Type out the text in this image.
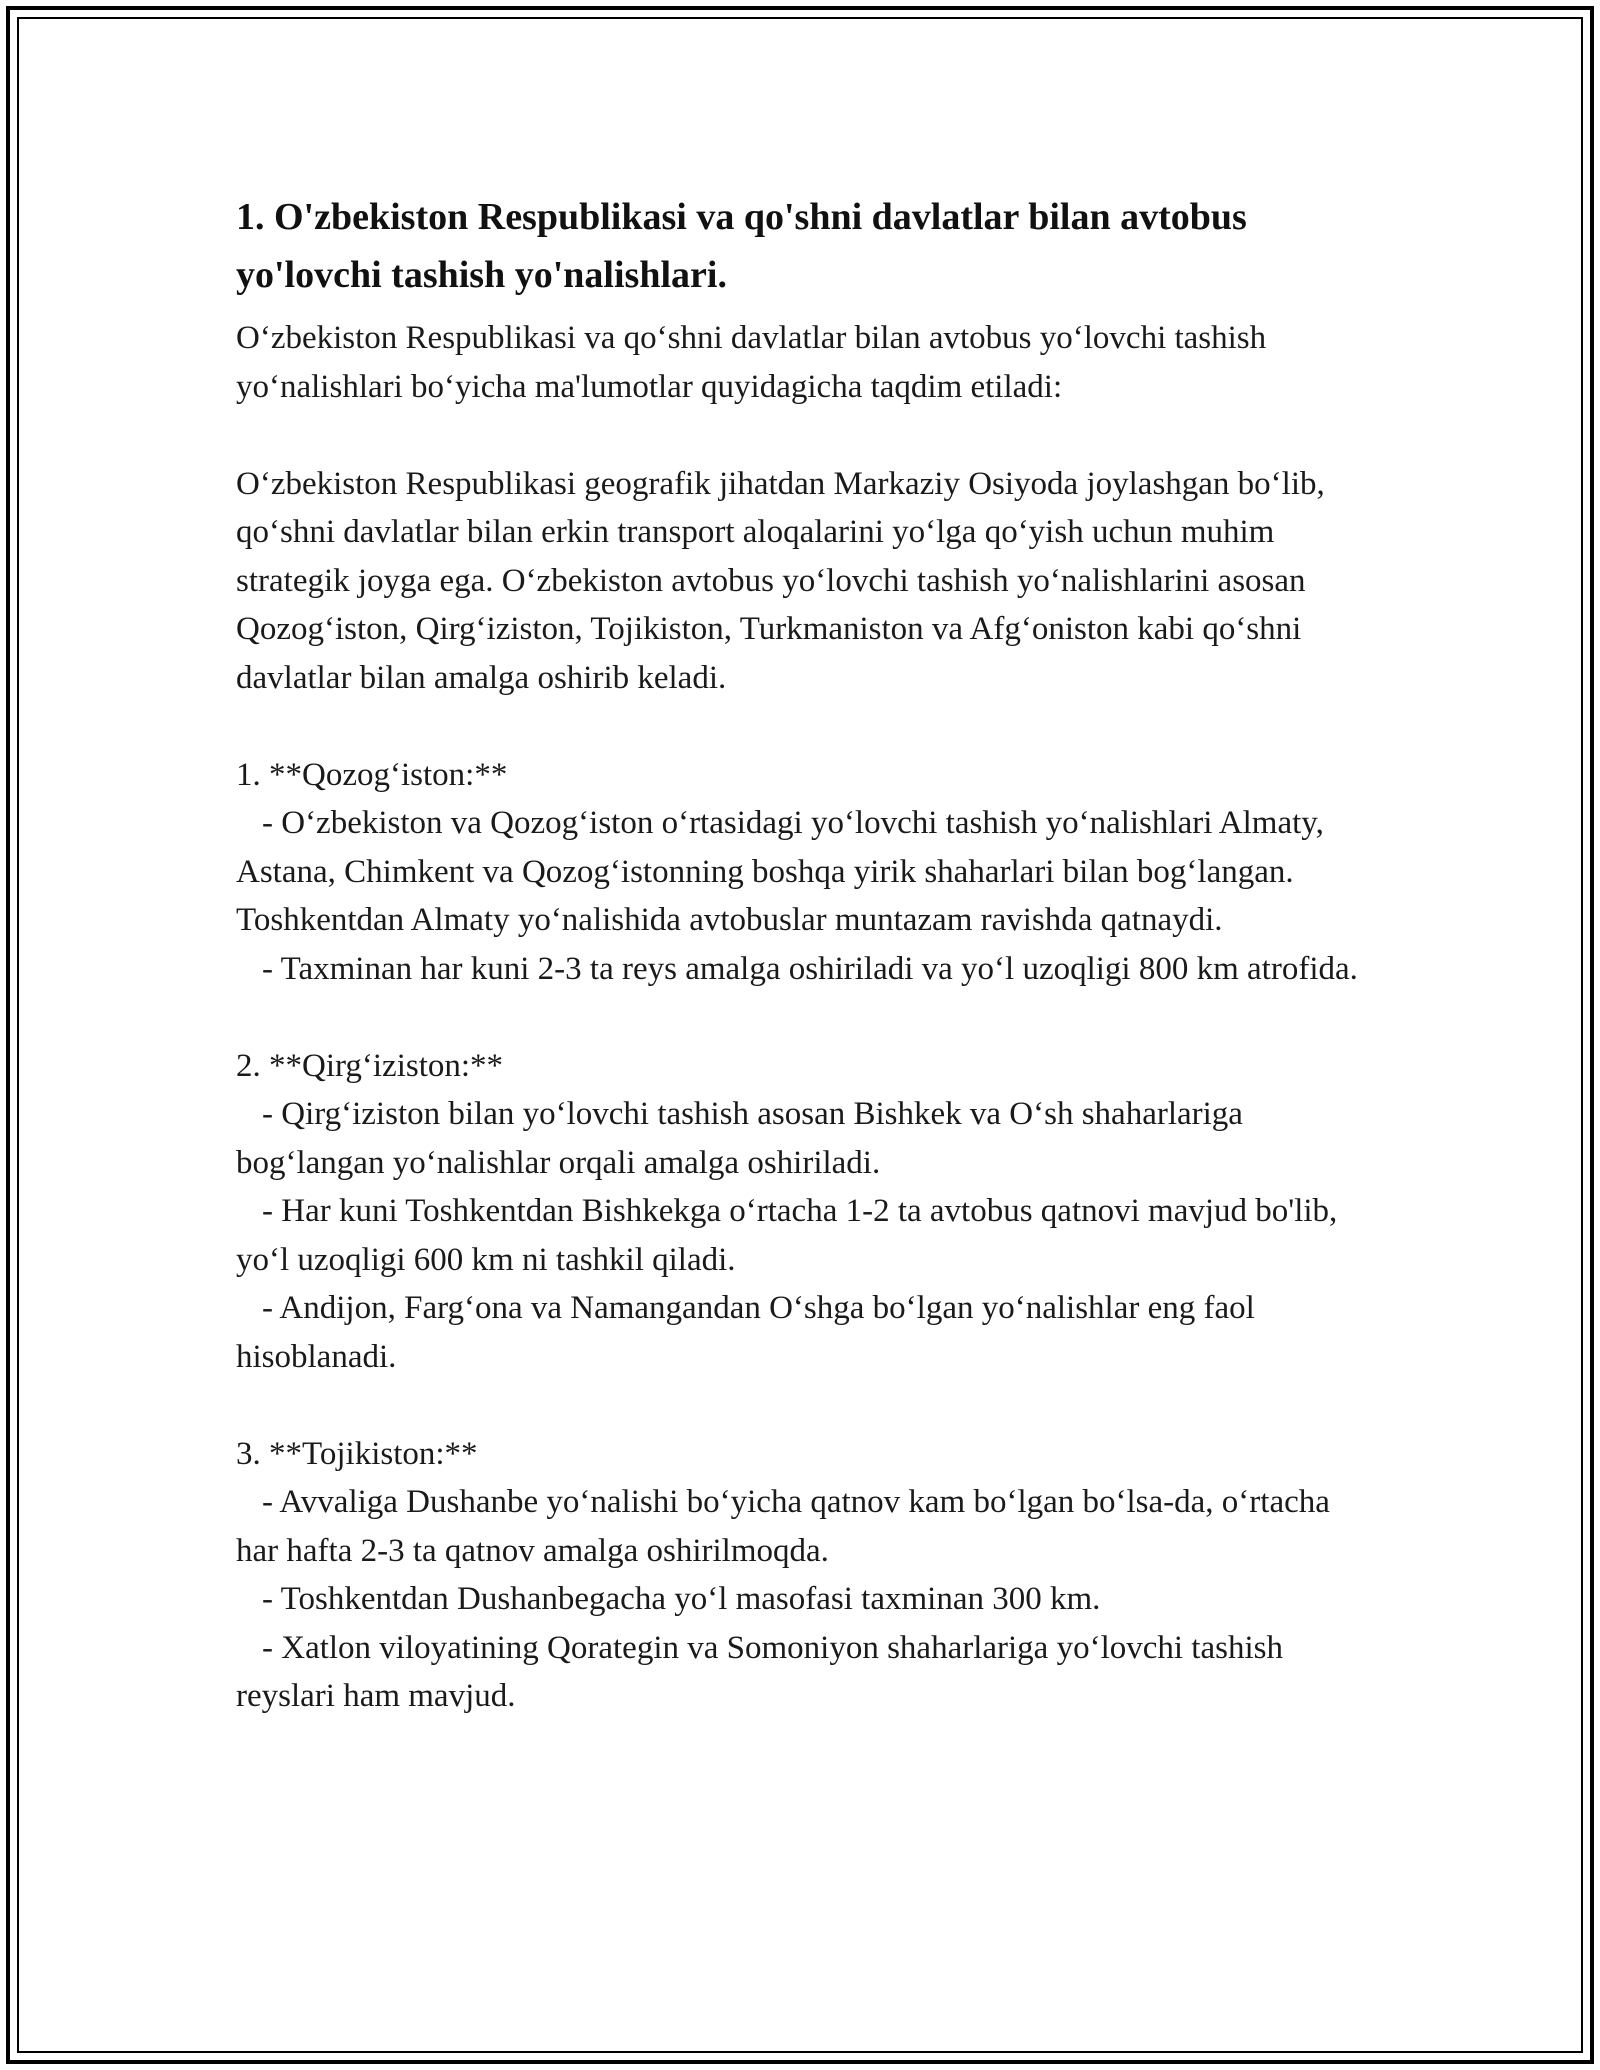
1. O'zbekiston Respublikasi va qo'shni davlatlar bilan avtobus yo'lovchi tashish yo'nalishlari.

O‘zbekiston Respublikasi va qo‘shni davlatlar bilan avtobus yo‘lovchi tashish yo‘nalishlari bo‘yicha ma'lumotlar quyidagicha taqdim etiladi:

O‘zbekiston Respublikasi geografik jihatdan Markaziy Osiyoda joylashgan bo‘lib, qo‘shni davlatlar bilan erkin transport aloqalarini yo‘lga qo‘yish uchun muhim strategik joyga ega. O‘zbekiston avtobus yo‘lovchi tashish yo‘nalishlarini asosan Qozog‘iston, Qirg‘iziston, Tojikiston, Turkmaniston va Afg‘oniston kabi qo‘shni davlatlar bilan amalga oshirib keladi.

1. **Qozog‘iston:**
- O‘zbekiston va Qozog‘iston o‘rtasidagi yo‘lovchi tashish yo‘nalishlari Almaty, Astana, Chimkent va Qozog‘istonning boshqa yirik shaharlari bilan bog‘langan. Toshkentdan Almaty yo‘nalishida avtobuslar muntazam ravishda qatnaydi.
- Taxminan har kuni 2-3 ta reys amalga oshiriladi va yo‘l uzoqligi 800 km atrofida.
2. **Qirg‘iziston:**
- Qirg‘iziston bilan yo‘lovchi tashish asosan Bishkek va O‘sh shaharlariga bog‘langan yo‘nalishlar orqali amalga oshiriladi.
- Har kuni Toshkentdan Bishkekga o‘rtacha 1-2 ta avtobus qatnovi mavjud bo'lib, yo‘l uzoqligi 600 km ni tashkil qiladi.
- Andijon, Farg‘ona va Namangandan O‘shga bo‘lgan yo‘nalishlar eng faol hisoblanadi.
3. **Tojikiston:**
- Avvaliga Dushanbe yo‘nalishi bo‘yicha qatnov kam bo‘lgan bo‘lsa-da, o‘rtacha har hafta 2-3 ta qatnov amalga oshirilmoqda.
- Toshkentdan Dushanbegacha yo‘l masofasi taxminan 300 km.
- Xatlon viloyatining Qorategin va Somoniyon shaharlariga yo‘lovchi tashish reyslari ham mavjud.
